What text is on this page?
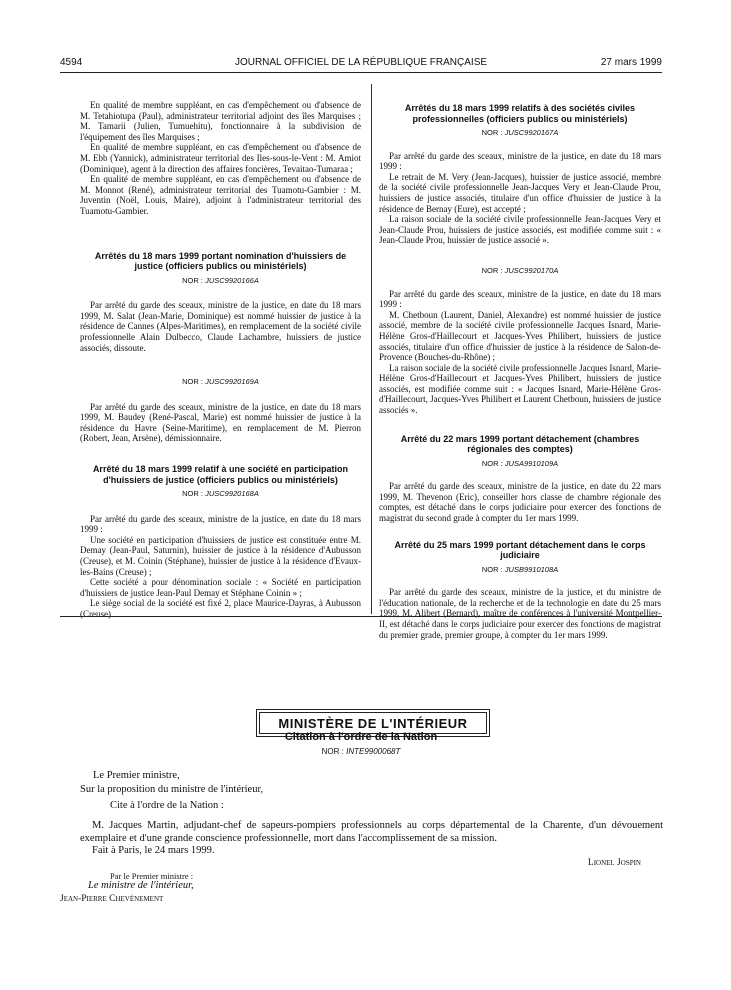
4594	JOURNAL OFFICIEL DE LA RÉPUBLIQUE FRANÇAISE	27 mars 1999

En qualité de membre suppléant, en cas d'empêchement ou d'absence de M. Tetahiotupa (Paul), administrateur territorial adjoint des îles Marquises ; M. Tamarii (Julien, Tumuehitu), fonctionnaire à la subdivision de l'équipement des îles Marquises ;

En qualité de membre suppléant, en cas d'empêchement ou d'absence de M. Ebb (Yannick), administrateur territorial des Iles-sous-le-Vent : M. Amiot (Dominique), agent à la direction des affaires foncières, Tevaitao-Tumaraa ;

En qualité de membre suppléant, en cas d'empêchement ou d'absence de M. Monnot (René), administrateur territorial des Tuamotu-Gambier : M. Juventin (Noël, Louis, Maire), adjoint à l'administrateur territorial des Tuamotu-Gambier.

Arrêtés du 18 mars 1999 portant nomination d'huissiers de justice (officiers publics ou ministériels)

NOR : JUSC9920166A

Par arrêté du garde des sceaux, ministre de la justice, en date du 18 mars 1999, M. Salat (Jean-Marie, Dominique) est nommé huissier de justice à la résidence de Cannes (Alpes-Maritimes), en remplacement de la société civile professionnelle Alain Dulbecco, Claude Lachambre, huissiers de justice associés, dissoute.

NOR : JUSC9920169A

Par arrêté du garde des sceaux, ministre de la justice, en date du 18 mars 1999, M. Baudey (René-Pascal, Marie) est nommé huissier de justice à la résidence du Havre (Seine-Maritime), en remplacement de M. Pierron (Robert, Jean, Arsène), démissionnaire.

Arrêté du 18 mars 1999 relatif à une société en participation d'huissiers de justice (officiers publics ou ministériels)

NOR : JUSC9920168A

Par arrêté du garde des sceaux, ministre de la justice, en date du 18 mars 1999 :

Une société en participation d'huissiers de justice est constituée entre M. Demay (Jean-Paul, Saturnin), huissier de justice à la résidence d'Aubusson (Creuse), et M. Coinin (Stéphane), huissier de justice à la résidence d'Evaux-les-Bains (Creuse) ;

Cette société a pour dénomination sociale : « Société en participation d'huissiers de justice Jean-Paul Demay et Stéphane Coinin » ;

Le siège social de la société est fixé 2, place Maurice-Dayras, à Aubusson (Creuse).

Arrêtés du 18 mars 1999 relatifs à des sociétés civiles professionnelles (officiers publics ou ministériels)

NOR : JUSC9920167A

Par arrêté du garde des sceaux, ministre de la justice, en date du 18 mars 1999 :

Le retrait de M. Very (Jean-Jacques), huissier de justice associé, membre de la société civile professionnelle Jean-Jacques Very et Jean-Claude Prou, huissiers de justice associés, titulaire d'un office d'huissier de justice à la résidence de Bernay (Eure), est accepté ;

La raison sociale de la société civile professionnelle Jean-Jacques Very et Jean-Claude Prou, huissiers de justice associés, est modifiée comme suit : « Jean-Claude Prou, huissier de justice associé ».

NOR : JUSC9920170A

Par arrêté du garde des sceaux, ministre de la justice, en date du 18 mars 1999 :

M. Chetboun (Laurent, Daniel, Alexandre) est nommé huissier de justice associé, membre de la société civile professionnelle Jacques Isnard, Marie-Hélène Gros-d'Haillecourt et Jacques-Yves Philibert, huissiers de justice associés, titulaire d'un office d'huissier de justice à la résidence de Salon-de-Provence (Bouches-du-Rhône) ;

La raison sociale de la société civile professionnelle Jacques Isnard, Marie-Hélène Gros-d'Haillecourt et Jacques-Yves Philibert, huissiers de justice associés, est modifiée comme suit : « Jacques Isnard, Marie-Hélène Gros-d'Haillecourt, Jacques-Yves Philibert et Laurent Chetboun, huissiers de justice associés ».

Arrêté du 22 mars 1999 portant détachement (chambres régionales des comptes)

NOR : JUSA9910109A

Par arrêté du garde des sceaux, ministre de la justice, en date du 22 mars 1999, M. Thevenon (Eric), conseiller hors classe de chambre régionale des comptes, est détaché dans le corps judiciaire pour exercer des fonctions de magistrat du second grade à compter du 1er mars 1999.

Arrêté du 25 mars 1999 portant détachement dans le corps judiciaire

NOR : JUSB9910108A

Par arrêté du garde des sceaux, ministre de la justice, et du ministre de l'éducation nationale, de la recherche et de la technologie en date du 25 mars 1999, M. Alibert (Bernard), maître de conférences à l'université Montpellier-II, est détaché dans le corps judiciaire pour exercer des fonctions de magistrat du premier grade, premier groupe, à compter du 1er mars 1999.

MINISTÈRE DE L'INTÉRIEUR
Citation à l'ordre de la Nation
NOR : INTE9900068T
Le Premier ministre,
Sur la proposition du ministre de l'intérieur,
Cite à l'ordre de la Nation :
M. Jacques Martin, adjudant-chef de sapeurs-pompiers professionnels au corps départemental de la Charente, d'un dévouement exemplaire et d'une grande conscience professionnelle, mort dans l'accomplissement de sa mission.
Fait à Paris, le 24 mars 1999.
Lionel Jospin
Par le Premier ministre :
Le ministre de l'intérieur,
Jean-Pierre Chevènement
